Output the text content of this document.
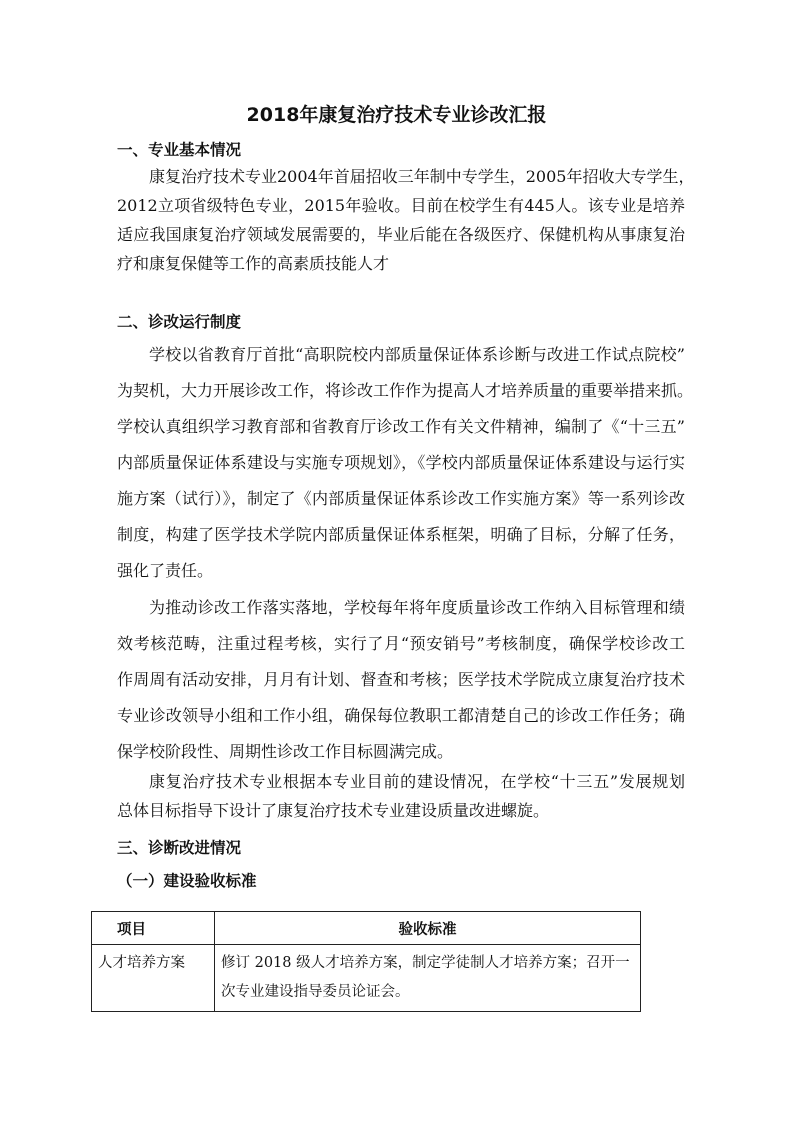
2018年康复治疗技术专业诊改汇报
一、专业基本情况
康复治疗技术专业2004年首届招收三年制中专学生，2005年招收大专学生，
2012立项省级特色专业，2015年验收。目前在校学生有445人。该专业是培养
适应我国康复治疗领域发展需要的，毕业后能在各级医疗、保健机构从事康复治
疗和康复保健等工作的高素质技能人才
二、诊改运行制度
学校以省教育厅首批“高职院校内部质量保证体系诊断与改进工作试点院校”
为契机，大力开展诊改工作，将诊改工作作为提高人才培养质量的重要举措来抓。
学校认真组织学习教育部和省教育厅诊改工作有关文件精神，编制了《“十三五”
内部质量保证体系建设与实施专项规划》，《学校内部质量保证体系建设与运行实
施方案（试行）》，制定了《内部质量保证体系诊改工作实施方案》等一系列诊改
制度，构建了医学技术学院内部质量保证体系框架，明确了目标，分解了任务，
强化了责任。
为推动诊改工作落实落地，学校每年将年度质量诊改工作纳入目标管理和绩
效考核范畴，注重过程考核，实行了月“预安销号”考核制度，确保学校诊改工
作周周有活动安排，月月有计划、督查和考核；医学技术学院成立康复治疗技术
专业诊改领导小组和工作小组，确保每位教职工都清楚自己的诊改工作任务；确
保学校阶段性、周期性诊改工作目标圆满完成。
康复治疗技术专业根据本专业目前的建设情况，在学校“十三五”发展规划
总体目标指导下设计了康复治疗技术专业建设质量改进螺旋。
三、诊断改进情况
（一）建设验收标准
项目	验收标准
人才培养方案	修订 2018 级人才培养方案，制定学徒制人才培养方案；召开一次专业建设指导委员论证会。
